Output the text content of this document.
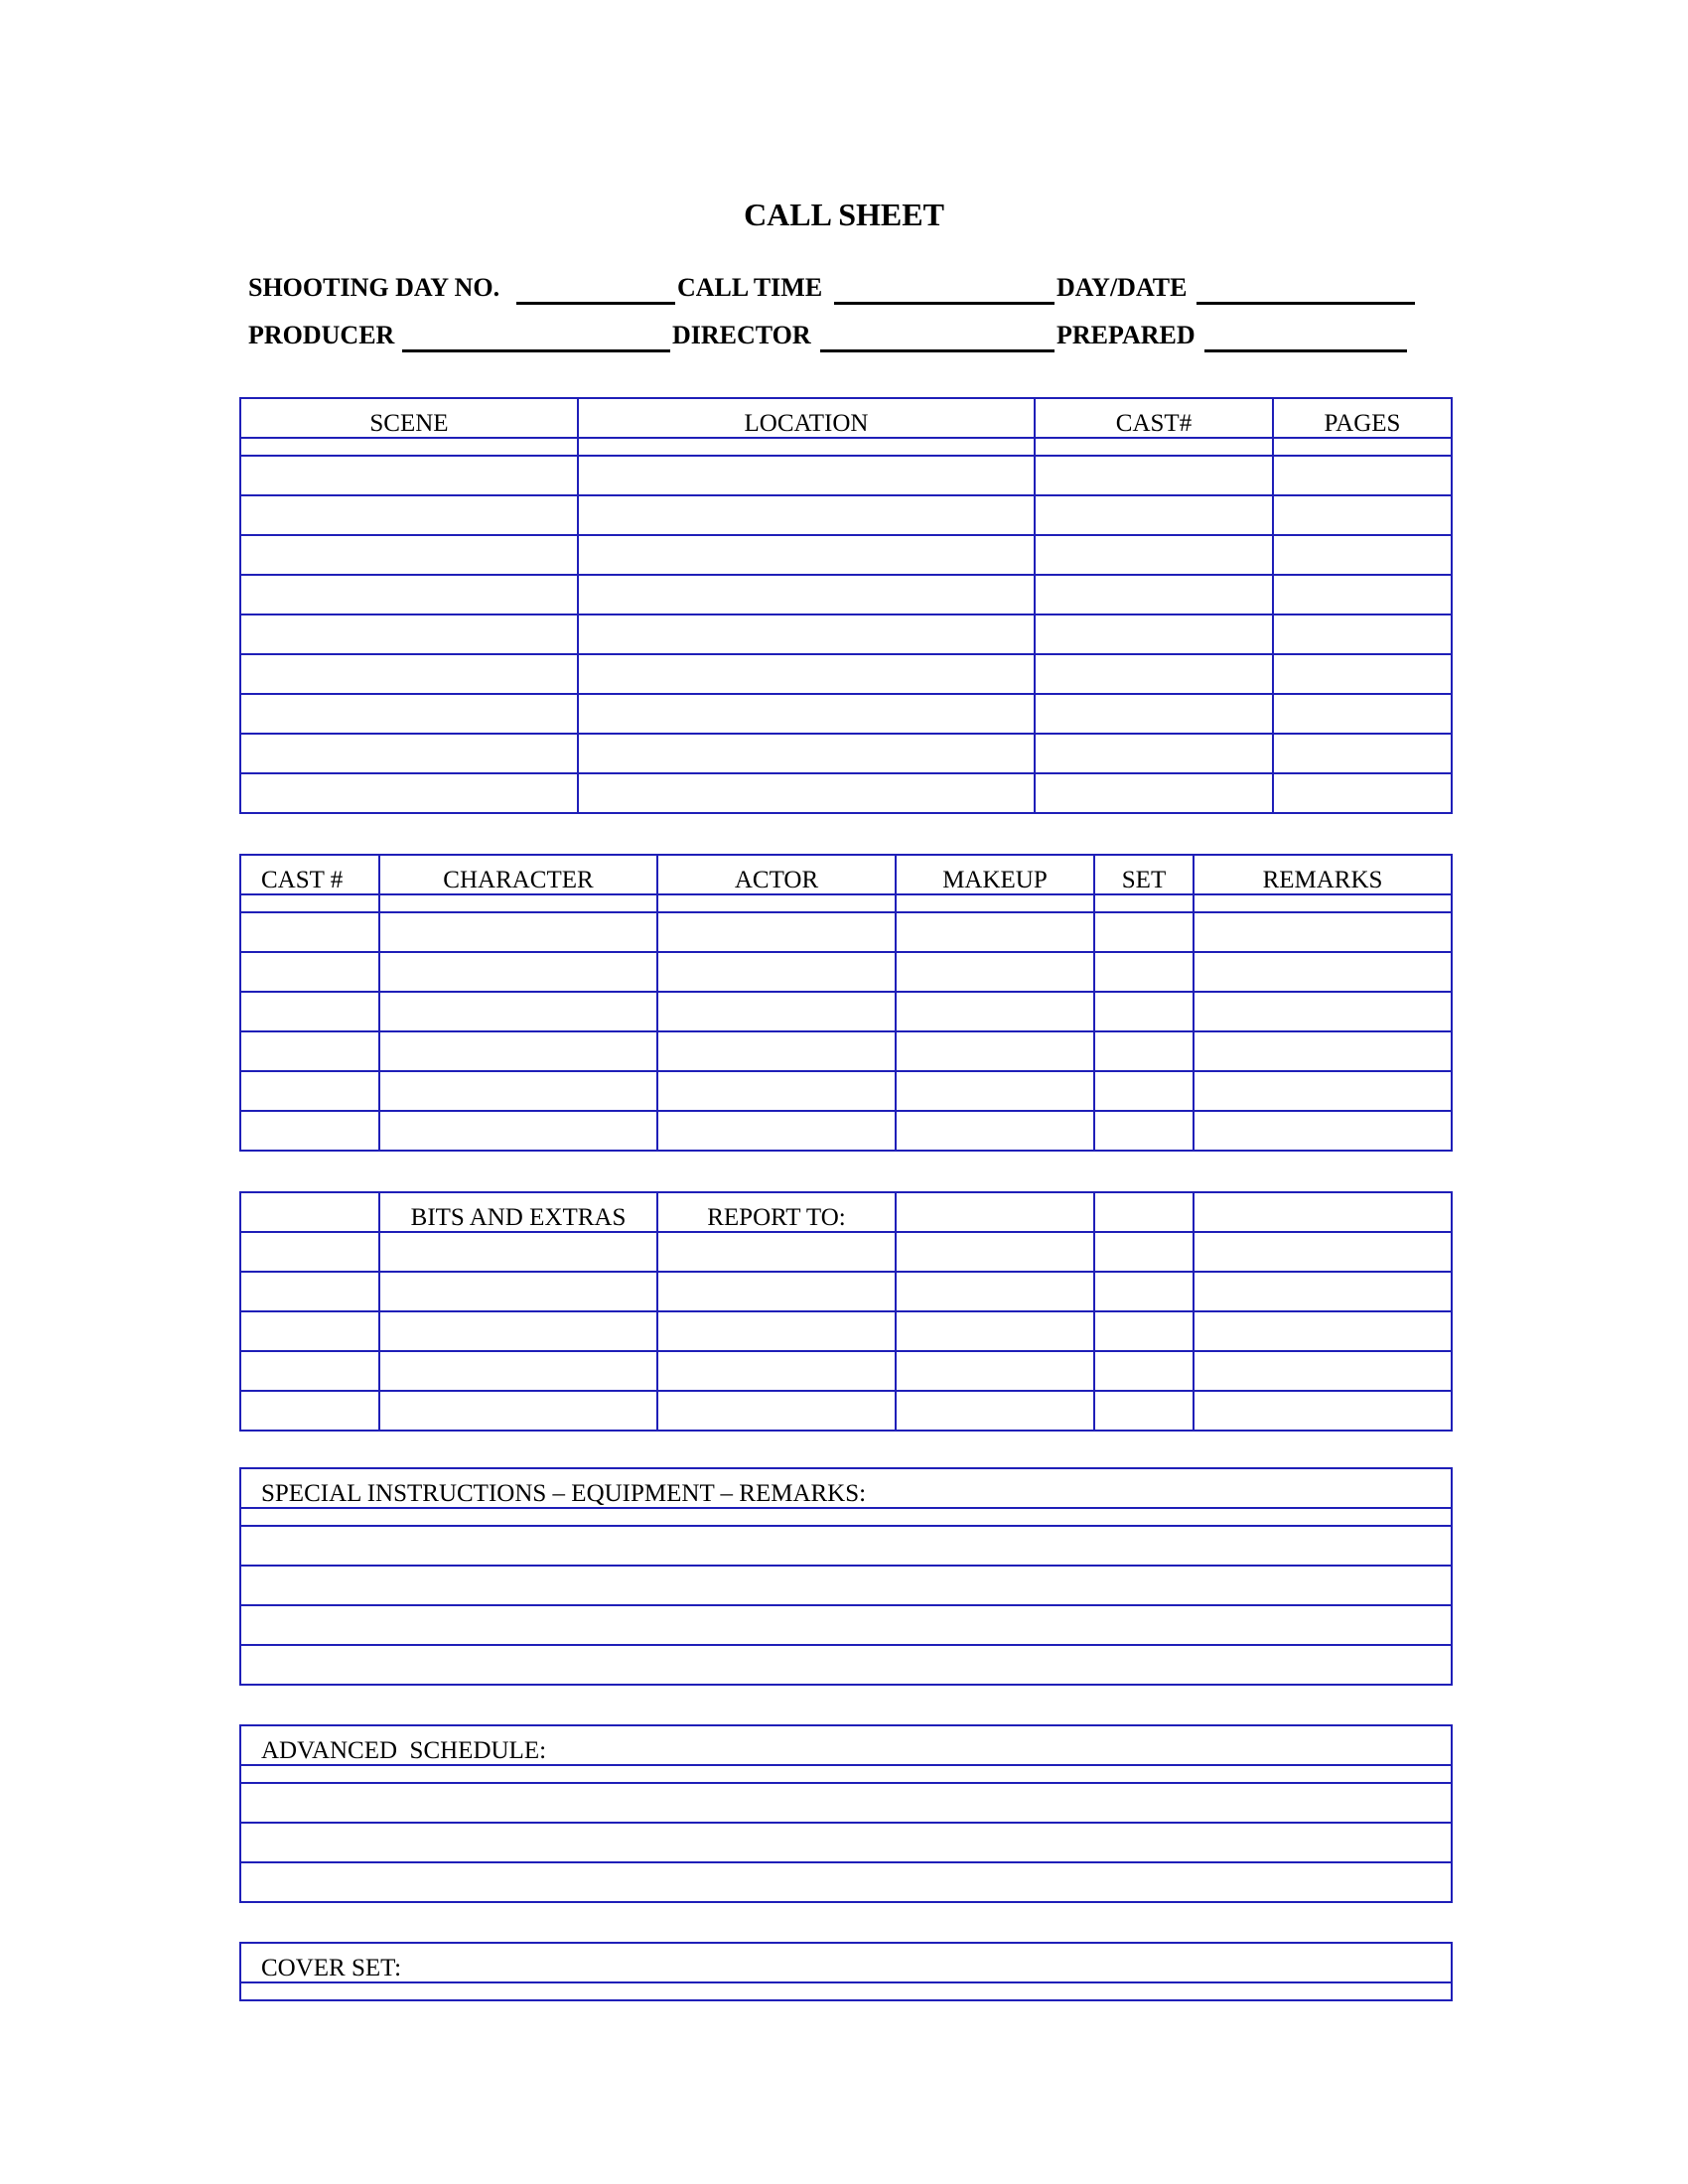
CALL SHEET
SHOOTING DAY NO.	CALL TIME	DAY/DATE
PRODUCER	DIRECTOR	PREPARED
SCENE	LOCATION	CAST#	PAGES

CAST #	CHARACTER	ACTOR	MAKEUP	SET	REMARKS

	BITS AND EXTRAS	REPORT TO:			

SPECIAL INSTRUCTIONS – EQUIPMENT – REMARKS:

ADVANCED  SCHEDULE:

COVER SET:
